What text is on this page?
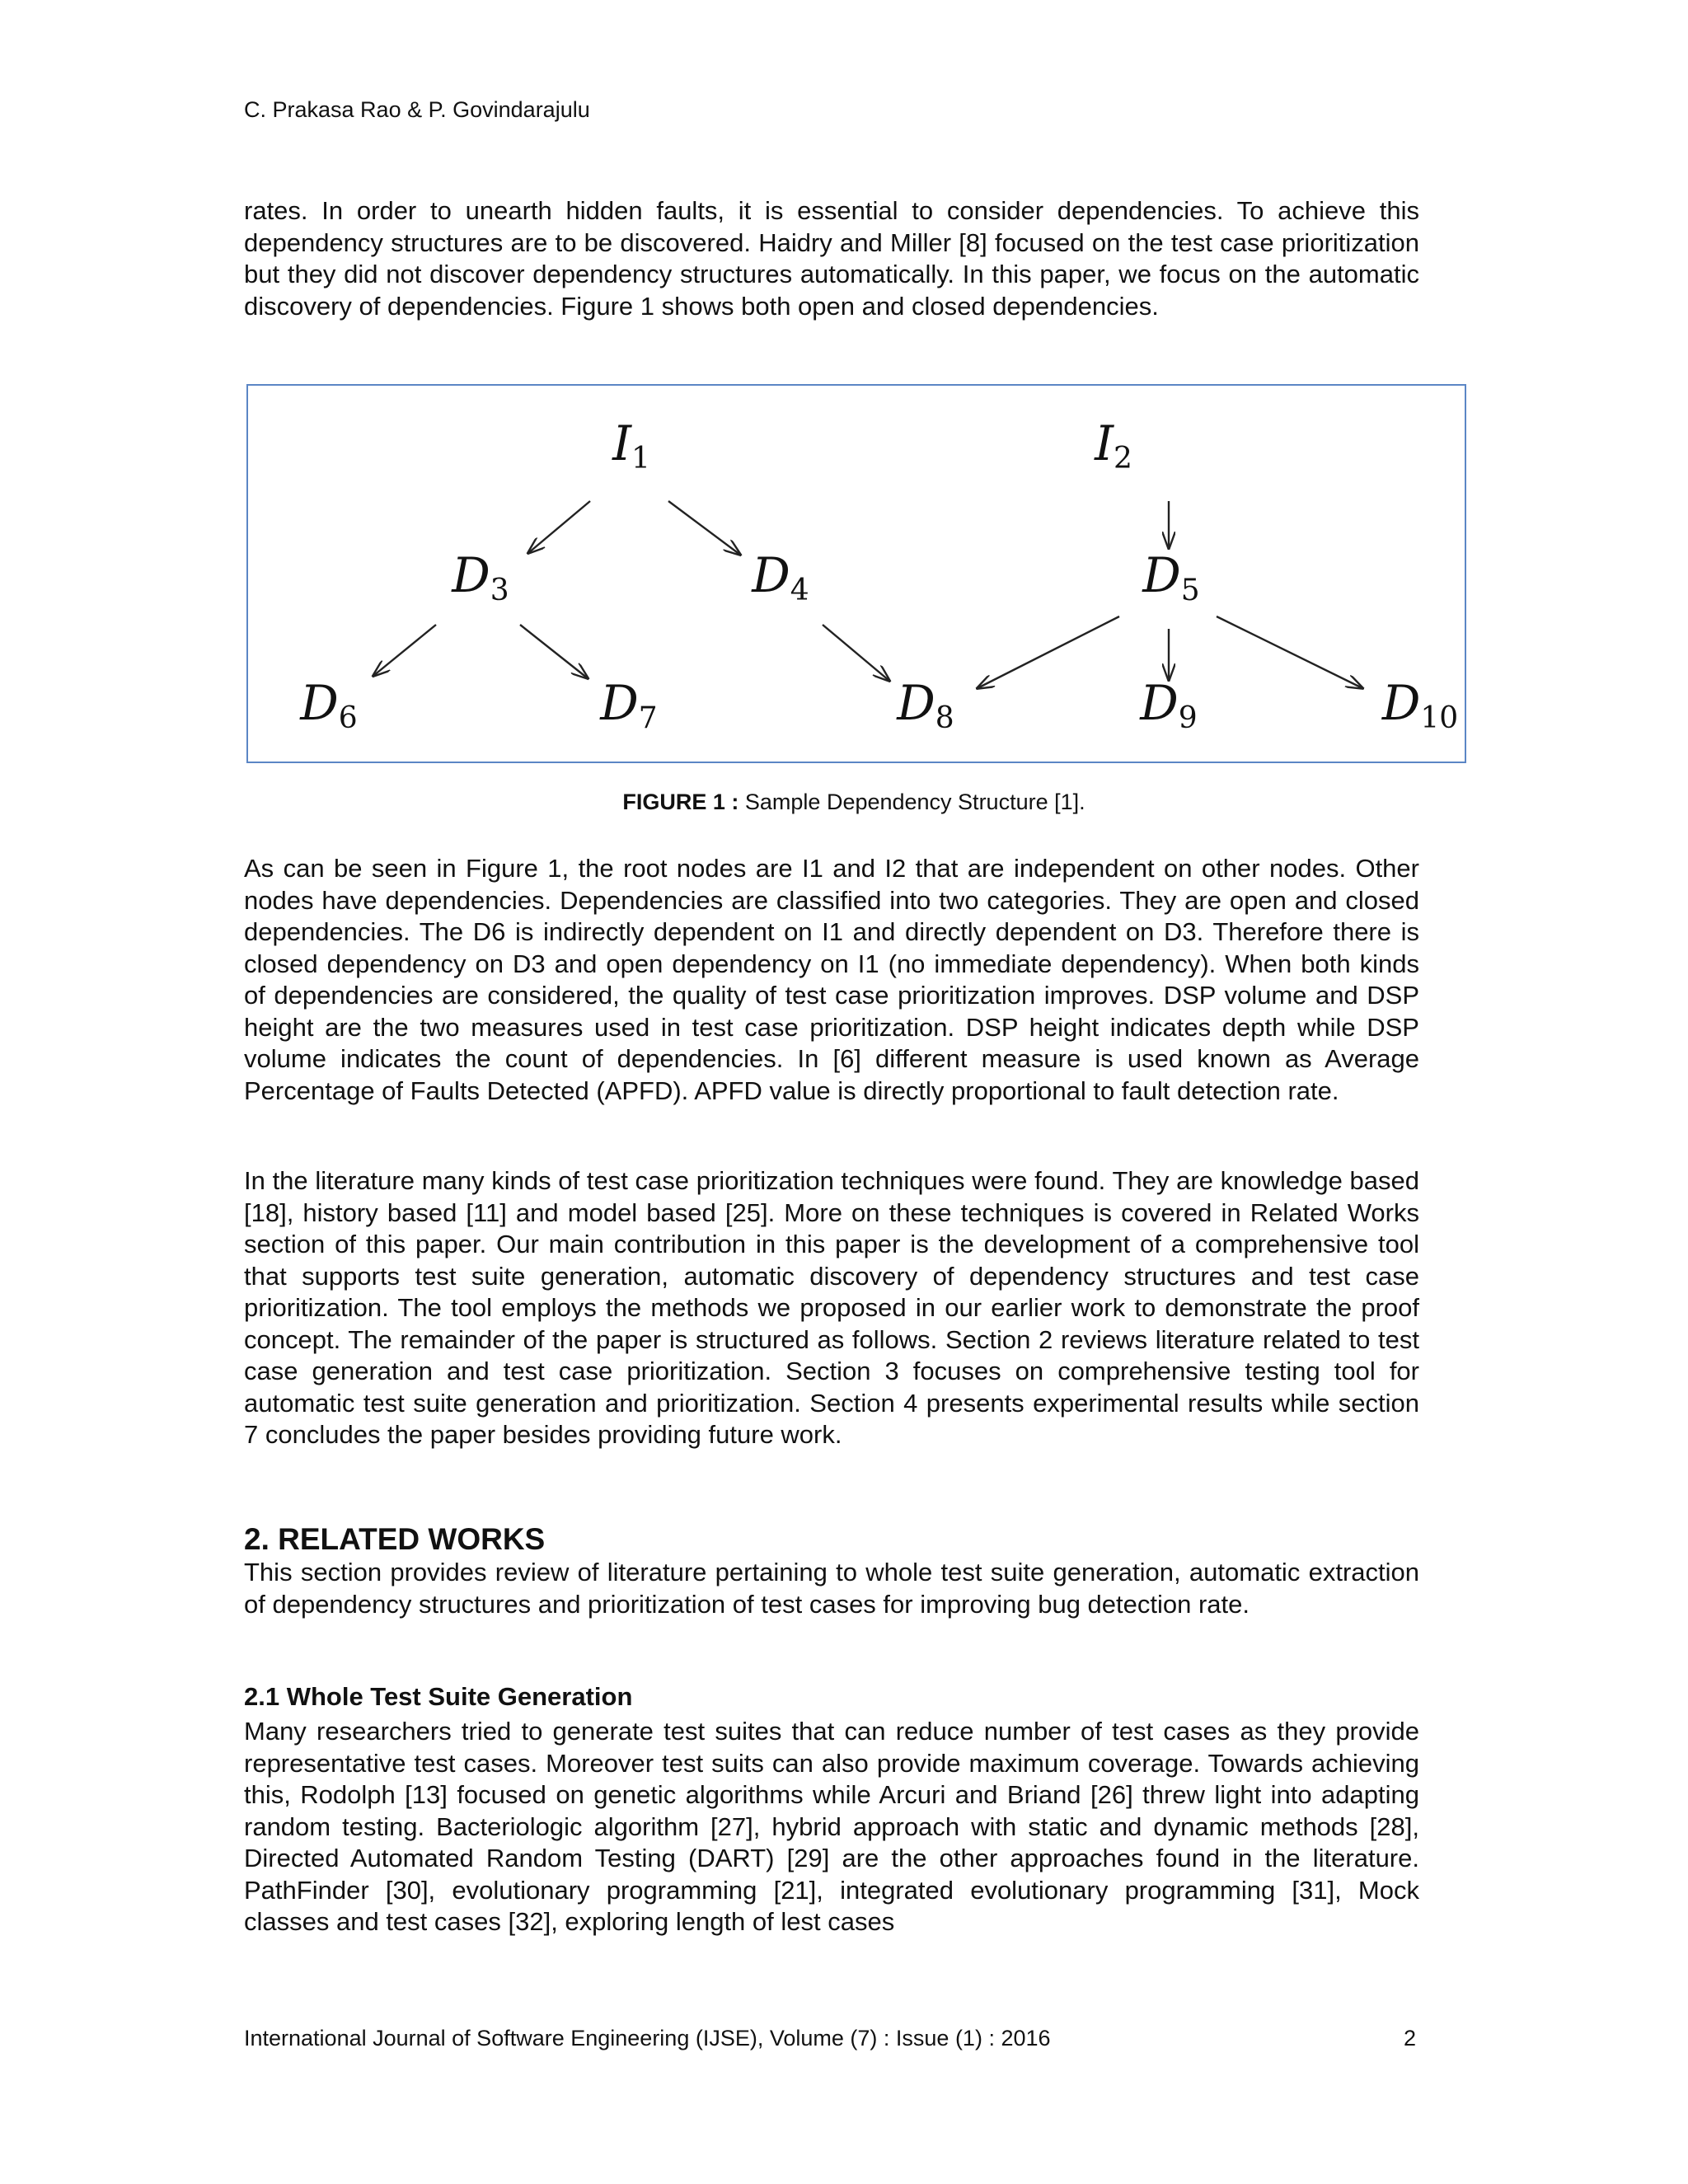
C. Prakasa Rao & P. Govindarajulu

rates. In order to unearth hidden faults, it is essential to consider dependencies. To achieve this dependency structures are to be discovered. Haidry and Miller [8] focused on the test case prioritization but they did not discover dependency structures automatically. In this paper, we focus on the automatic discovery of dependencies. Figure 1 shows both open and closed dependencies.

I1	I2
D3	D4	D5
D6	D7	D8	D9	D10
FIGURE 1 : Sample Dependency Structure [1].

As can be seen in Figure 1, the root nodes are I1 and I2 that are independent on other nodes. Other nodes have dependencies. Dependencies are classified into two categories. They are open and closed dependencies. The D6 is indirectly dependent on I1 and directly dependent on D3. Therefore there is closed dependency on D3 and open dependency on I1 (no immediate dependency). When both kinds of dependencies are considered, the quality of test case prioritization improves. DSP volume and DSP height are the two measures used in test case prioritization. DSP height indicates depth while DSP volume indicates the count of dependencies. In [6] different measure is used known as Average Percentage of Faults Detected (APFD). APFD value is directly proportional to fault detection rate.

In the literature many kinds of test case prioritization techniques were found. They are knowledge based [18], history based [11] and model based [25]. More on these techniques is covered in Related Works section of this paper. Our main contribution in this paper is the development of a comprehensive tool that supports test suite generation, automatic discovery of dependency structures and test case prioritization. The tool employs the methods we proposed in our earlier work to demonstrate the proof concept. The remainder of the paper is structured as follows. Section 2 reviews literature related to test case generation and test case prioritization. Section 3 focuses on comprehensive testing tool for automatic test suite generation and prioritization. Section 4 presents experimental results while section 7 concludes the paper besides providing future work.

2. RELATED WORKS

This section provides review of literature pertaining to whole test suite generation, automatic extraction of dependency structures and prioritization of test cases for improving bug detection rate.

2.1 Whole Test Suite Generation

Many researchers tried to generate test suites that can reduce number of test cases as they provide representative test cases. Moreover test suits can also provide maximum coverage. Towards achieving this, Rodolph [13] focused on genetic algorithms while Arcuri and Briand [26] threw light into adapting random testing. Bacteriologic algorithm [27], hybrid approach with static and dynamic methods [28], Directed Automated Random Testing (DART) [29] are the other approaches found in the literature. PathFinder [30], evolutionary programming [21], integrated evolutionary programming [31], Mock classes and test cases [32], exploring length of lest cases

International Journal of Software Engineering (IJSE), Volume (7) : Issue (1) : 2016	2
